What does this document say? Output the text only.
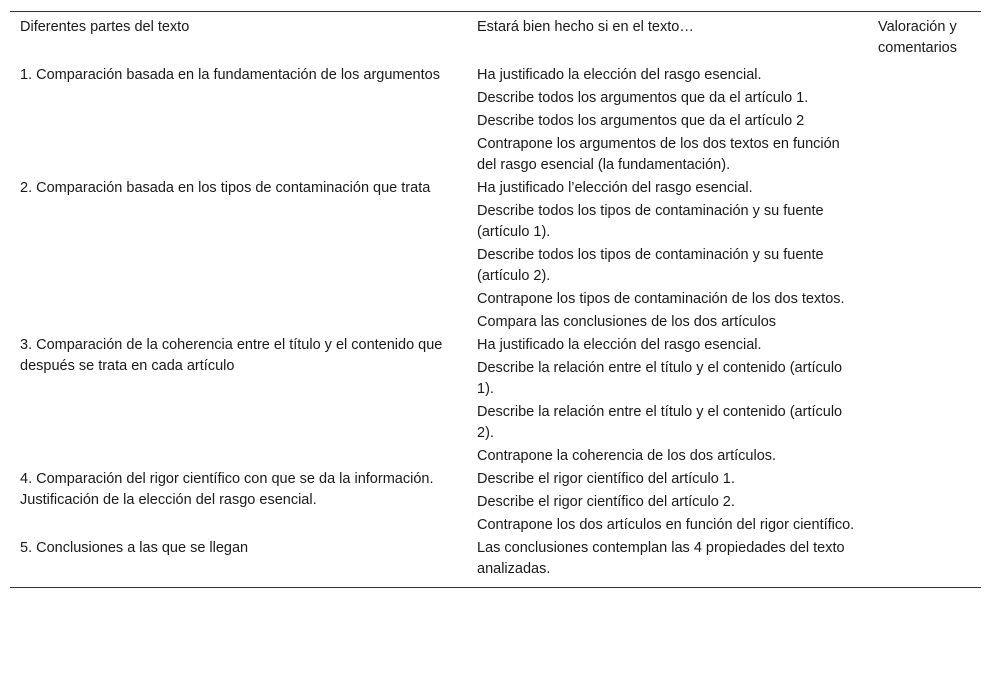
Diferentes partes del texto	Estará bien hecho si en el texto…	Valoración y comentarios

1. Comparación basada en la fundamentación de los argumentos	Ha justificado la elección del rasgo esencial.
Describe todos los argumentos que da el artículo 1.
Describe todos los argumentos que da el artículo 2
Contrapone los argumentos de los dos textos en función del rasgo esencial (la fundamentación).	

2. Comparación basada en los tipos de contaminación que trata	Ha justificado l’elección del rasgo esencial.
Describe todos los tipos de contaminación y su fuente (artículo 1).
Describe todos los tipos de contaminación y su fuente (artículo 2).
Contrapone los tipos de contaminación de los dos textos.
Compara las conclusiones de los dos artículos	

3. Comparación de la coherencia entre el título y el contenido que después se trata en cada artículo	Ha justificado la elección del rasgo esencial.
Describe la relación entre el título y el contenido (artículo 1).
Describe la relación entre el título y el contenido (artículo 2).
Contrapone la coherencia de los dos artículos.	

4. Comparación del rigor científico con que se da la información. Justificación de la elección del rasgo esencial.	Describe el rigor científico del artículo 1.
Describe el rigor científico del artículo 2.
Contrapone los dos artículos en función del rigor científico.	

5. Conclusiones a las que se llegan	Las conclusiones contemplan las 4 propiedades del texto analizadas.	
